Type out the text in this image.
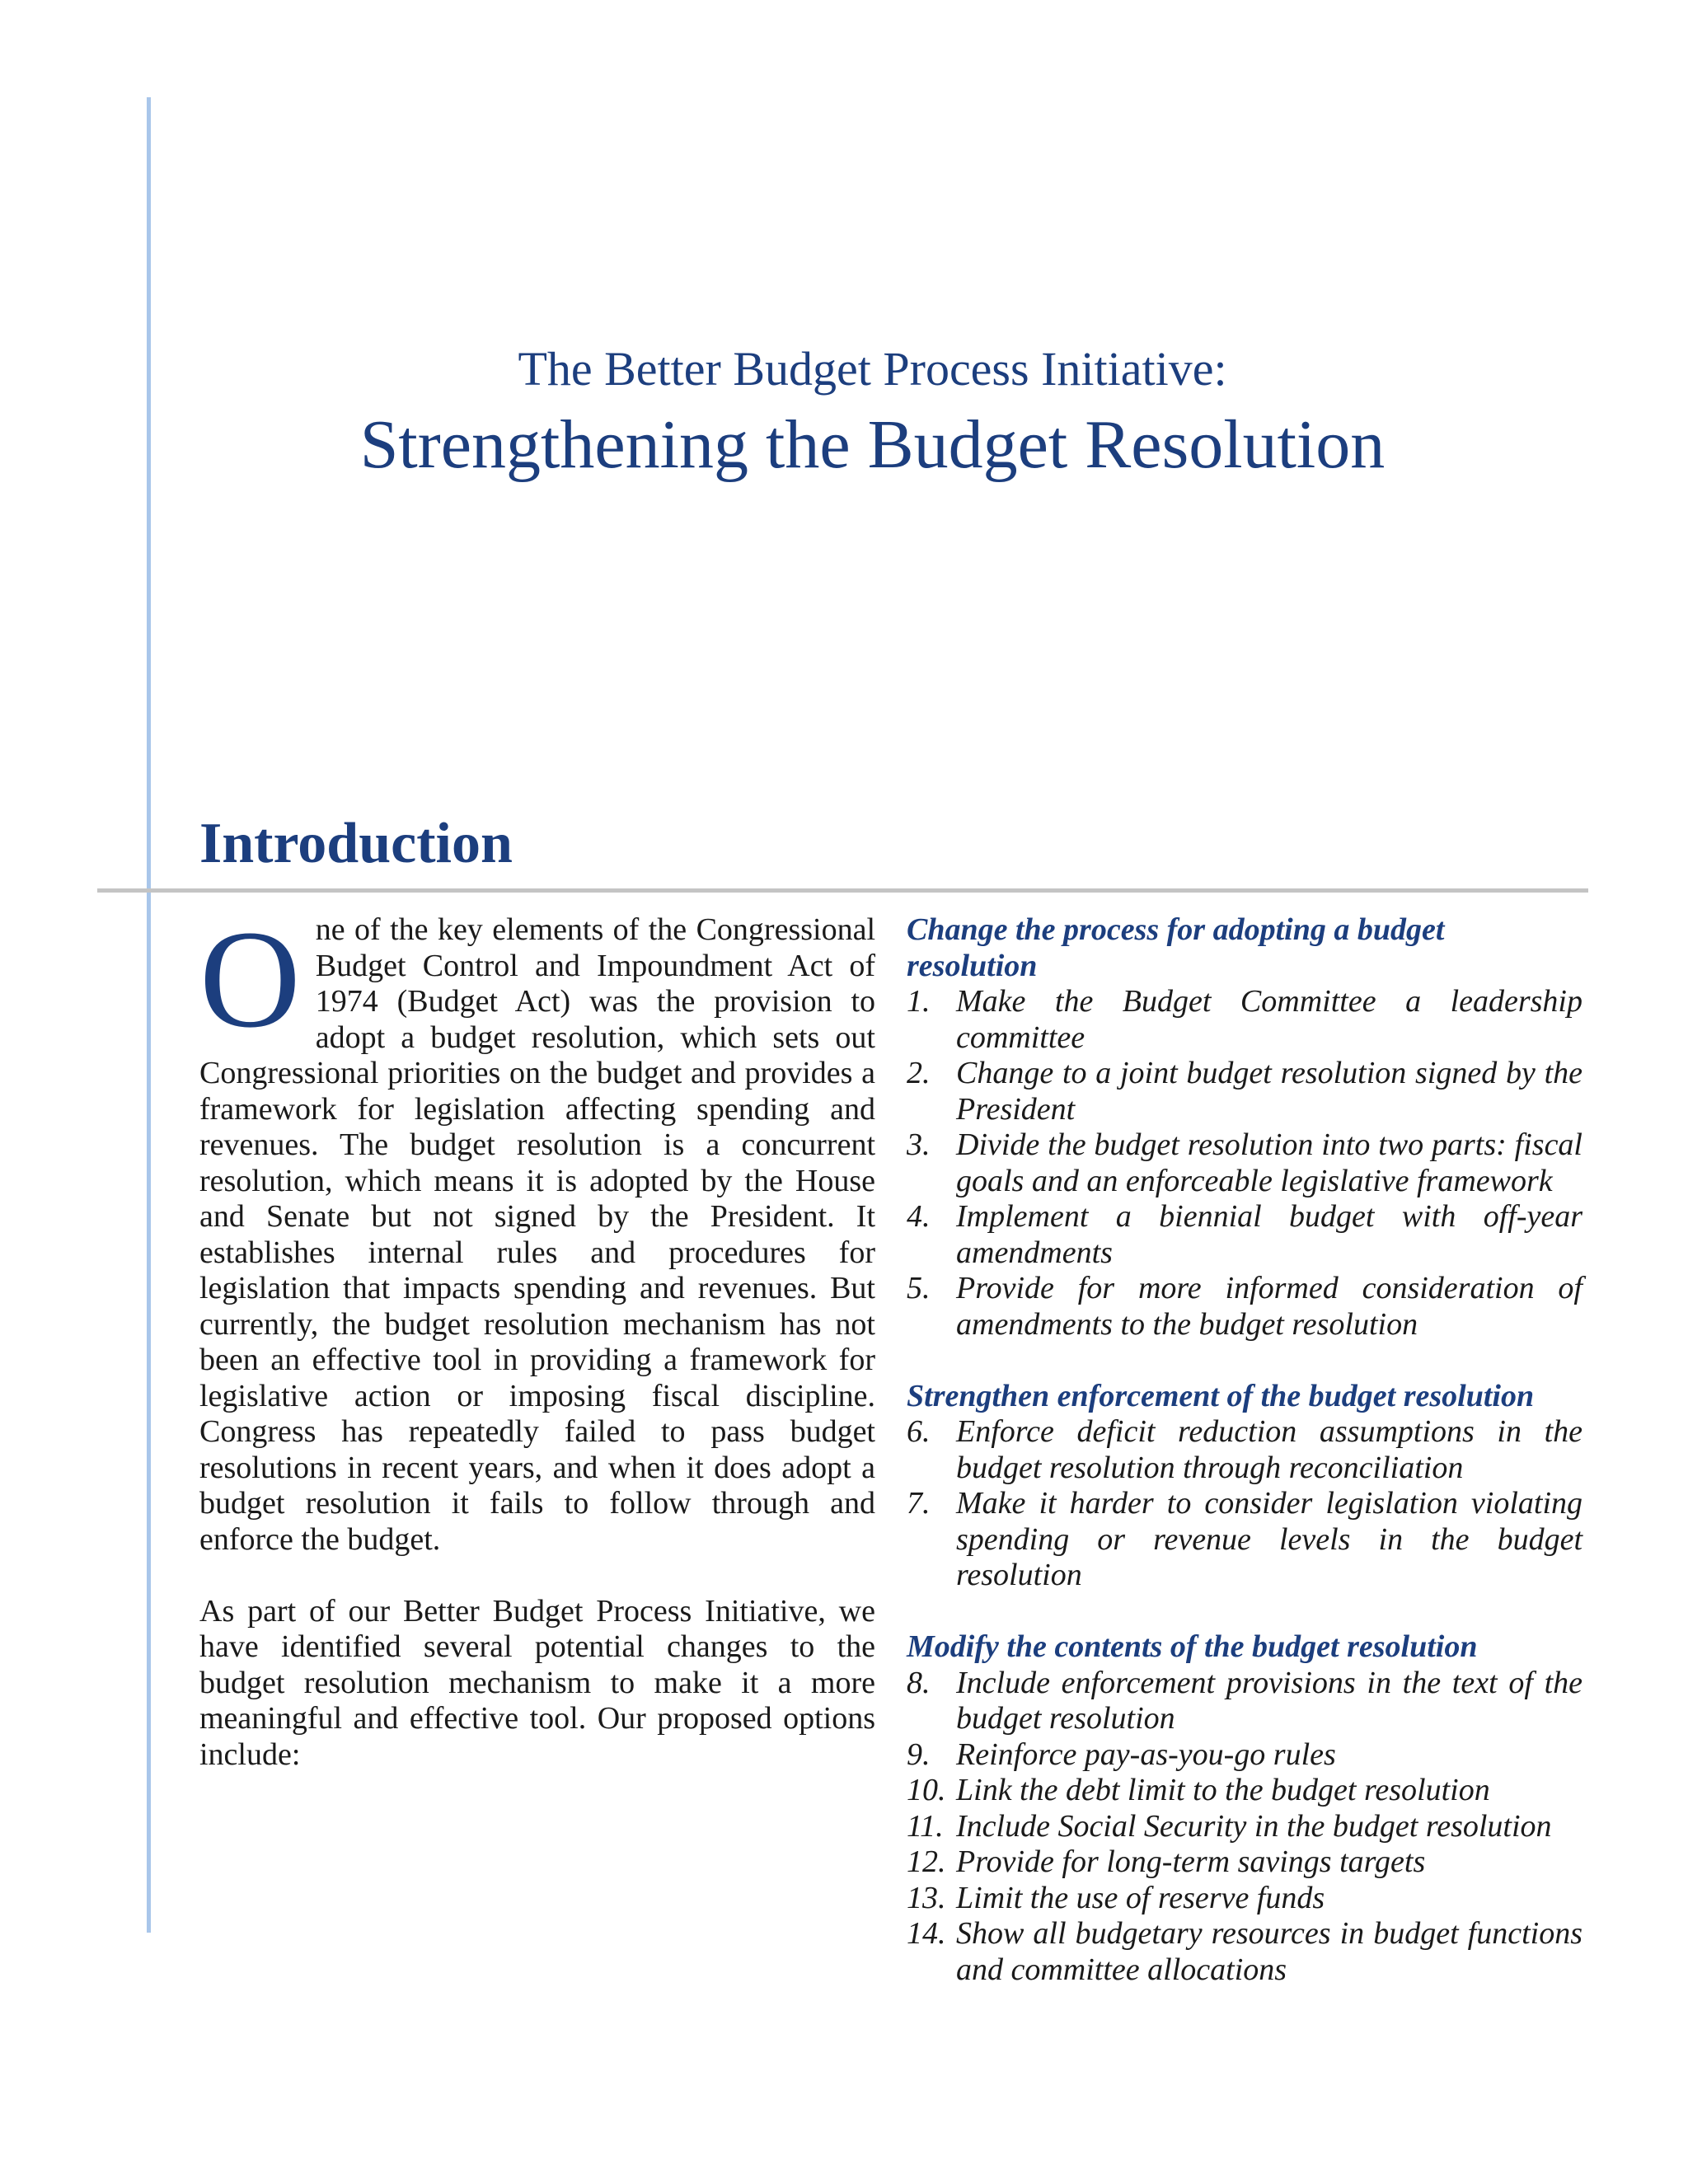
The Better Budget Process Initiative:
Strengthening the Budget Resolution
Introduction

One of the key elements of the Congressional Budget Control and Impoundment Act of 1974 (Budget Act) was the provision to adopt a budget resolution, which sets out Congressional priorities on the budget and provides a framework for legislation affecting spending and revenues. The budget resolution is a concurrent resolution, which means it is adopted by the House and Senate but not signed by the President. It establishes internal rules and procedures for legislation that impacts spending and revenues. But currently, the budget resolution mechanism has not been an effective tool in providing a framework for legislative action or imposing fiscal discipline. Congress has repeatedly failed to pass budget resolutions in recent years, and when it does adopt a budget resolution it fails to follow through and enforce the budget.

As part of our Better Budget Process Initiative, we have identified several potential changes to the budget resolution mechanism to make it a more meaningful and effective tool. Our proposed options include:

Change the process for adopting a budget resolution
1. Make the Budget Committee a leadership committee
2. Change to a joint budget resolution signed by the President
3. Divide the budget resolution into two parts: fiscal goals and an enforceable legislative framework
4. Implement a biennial budget with off-year amendments
5. Provide for more informed consideration of amendments to the budget resolution
Strengthen enforcement of the budget resolution
6. Enforce deficit reduction assumptions in the budget resolution through reconciliation
7. Make it harder to consider legislation violating spending or revenue levels in the budget resolution
Modify the contents of the budget resolution
8. Include enforcement provisions in the text of the budget resolution
9. Reinforce pay-as-you-go rules
10. Link the debt limit to the budget resolution
11. Include Social Security in the budget resolution
12. Provide for long-term savings targets
13. Limit the use of reserve funds
14. Show all budgetary resources in budget functions and committee allocations
